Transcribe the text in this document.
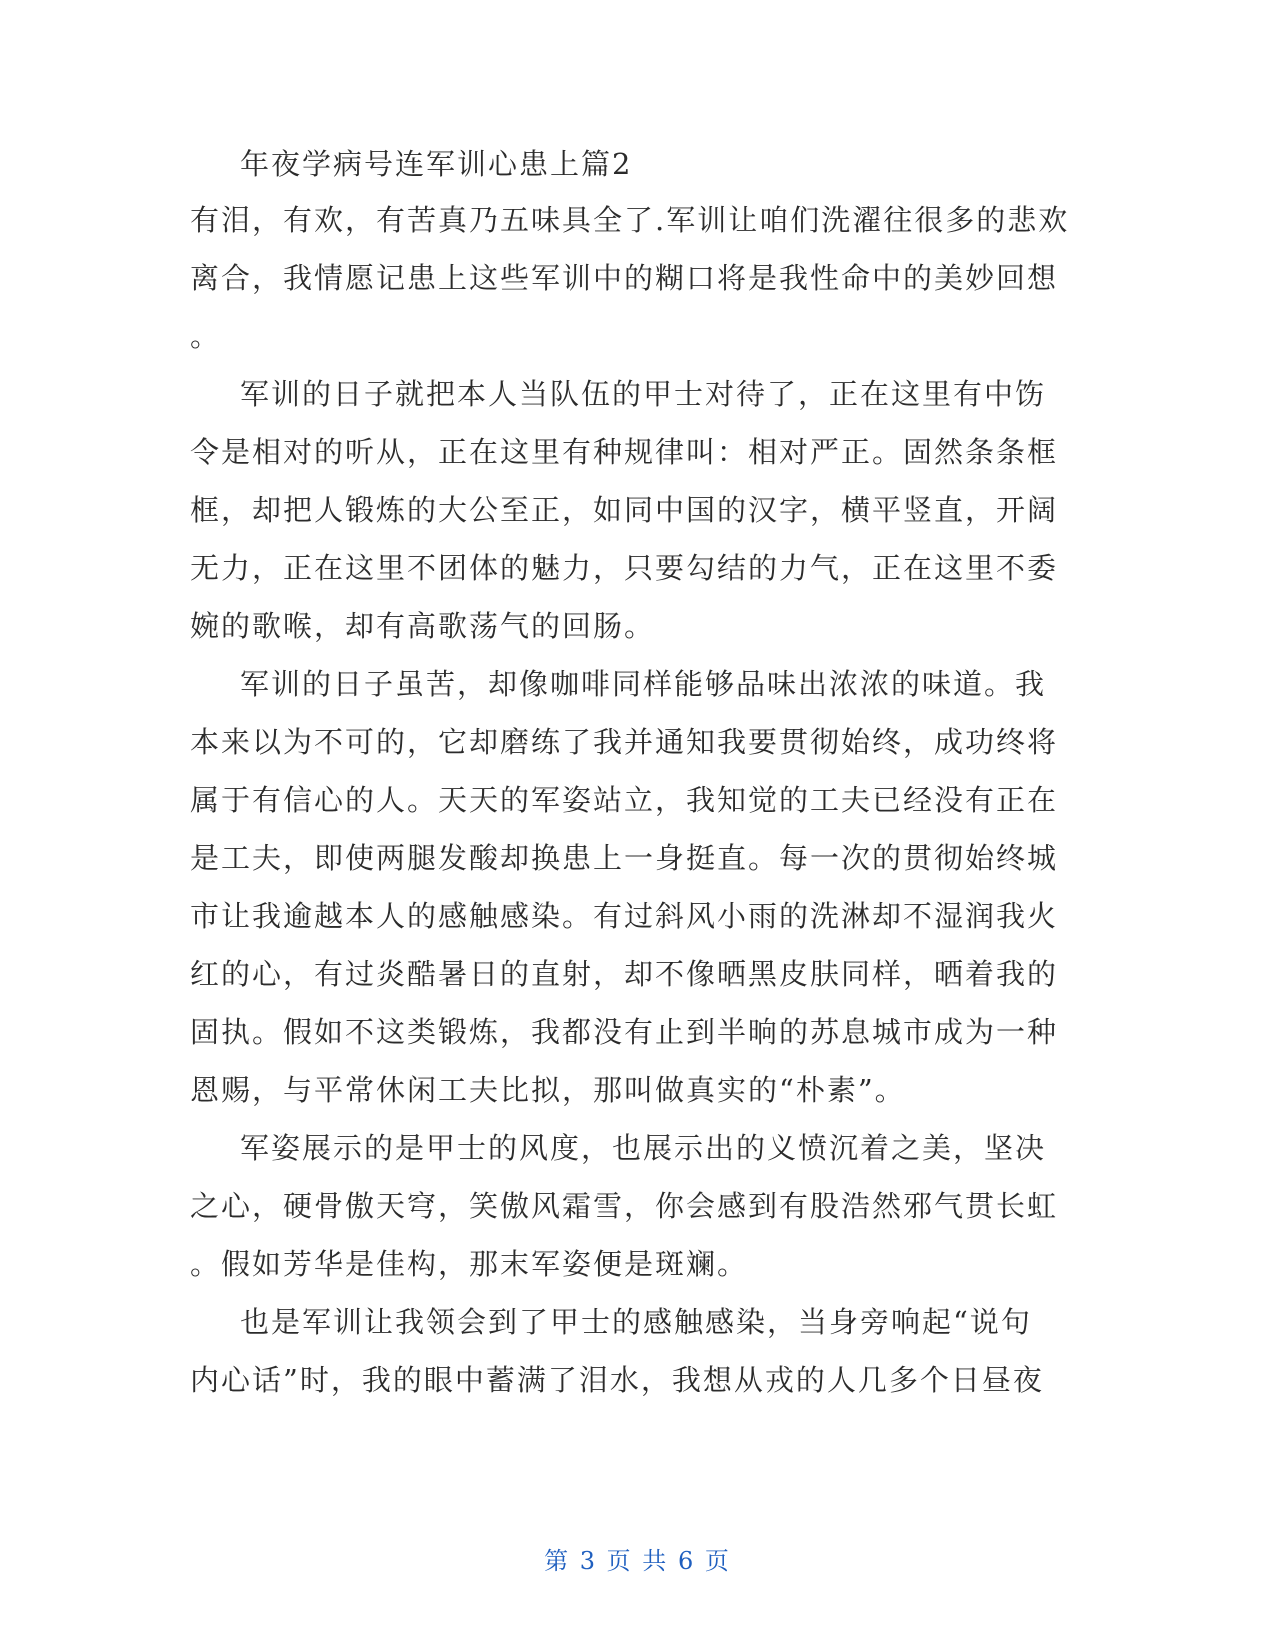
年夜学病号连军训心患上篇2
有泪，有欢，有苦真乃五味具全了.军训让咱们洗濯往很多的悲欢
离合，我情愿记患上这些军训中的糊口将是我性命中的美妙回想
。
军训的日子就把本人当队伍的甲士对待了，正在这里有中饬
令是相对的听从，正在这里有种规律叫：相对严正。固然条条框
框，却把人锻炼的大公至正，如同中国的汉字，横平竖直，开阔
无力，正在这里不团体的魅力，只要勾结的力气，正在这里不委
婉的歌喉，却有高歌荡气的回肠。
军训的日子虽苦，却像咖啡同样能够品味出浓浓的味道。我
本来以为不可的，它却磨练了我并通知我要贯彻始终，成功终将
属于有信心的人。天天的军姿站立，我知觉的工夫已经没有正在
是工夫，即使两腿发酸却换患上一身挺直。每一次的贯彻始终城
市让我逾越本人的感触感染。有过斜风小雨的洗淋却不湿润我火
红的心，有过炎酷暑日的直射，却不像晒黑皮肤同样，晒着我的
固执。假如不这类锻炼，我都没有止到半晌的苏息城市成为一种
恩赐，与平常休闲工夫比拟，那叫做真实的“朴素”。
军姿展示的是甲士的风度，也展示出的义愤沉着之美，坚决
之心，硬骨傲天穹，笑傲风霜雪，你会感到有股浩然邪气贯长虹
。假如芳华是佳构，那末军姿便是斑斓。
也是军训让我领会到了甲士的感触感染，当身旁响起“说句
内心话”时，我的眼中蓄满了泪水，我想从戎的人几多个日昼夜
第 3 页 共 6 页
